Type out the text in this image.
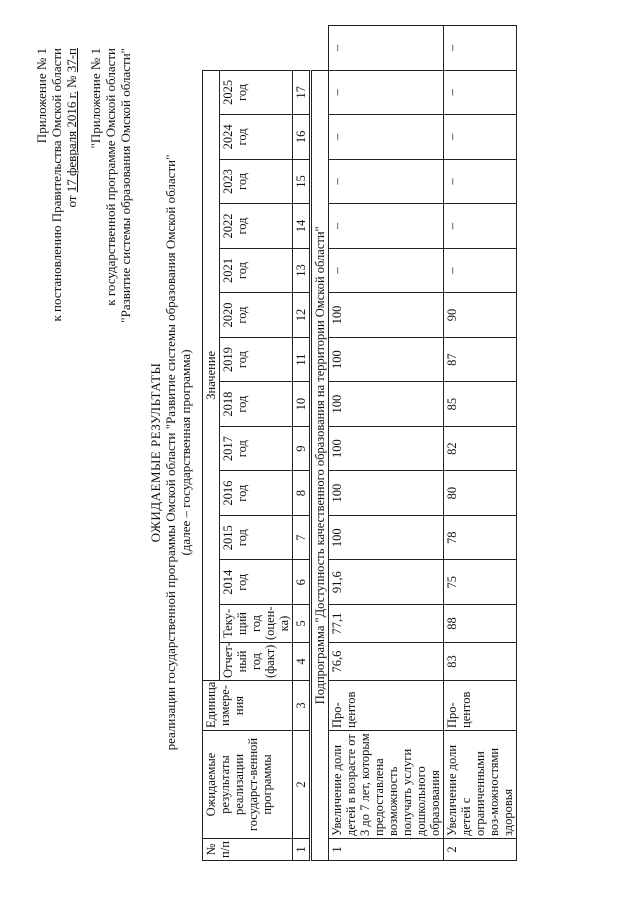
Приложение № 1 к постановлению Правительства Омской области от 17 февраля 2016 г. № 37-п "Приложение № 1 к государственной программе Омской области "Развитие системы образования Омской области"
ОЖИДАЕМЫЕ РЕЗУЛЬТАТЫ реализации государственной программы Омской области "Развитие системы образования Омской области" (далее – государственная программа)
№ п/п	Ожидаемые результаты реализации государст-венной программы	Единица измере-ния	Значение														
			Отчет-ный год (факт)	Теку-щий год (оцен-ка)	2014 год	2015 год	2016 год	2017 год	2018 год	2019 год	2020 год	2021 год	2022 год	2023 год	2024 год	2025 год	
1	2	3	4	5	6	7	8	9	10	11	12	13	14	15	16	17	
Подпрограмма "Доступность качественного образования на территории Омской области"																	
1	Увеличение доли детей в возрасте от 3 до 7 лет, которым предоставлена возможность получать услуги дошкольного образования	Про-центов	76,6	77,1	91,6	100	100	100	100	100	100	–	–	–	–	–	–
2	Увеличение доли детей с ограниченными воз-можностями здоровья	Про-центов	83	88	75	78	80	82	85	87	90	–	–	–	–	–	–
